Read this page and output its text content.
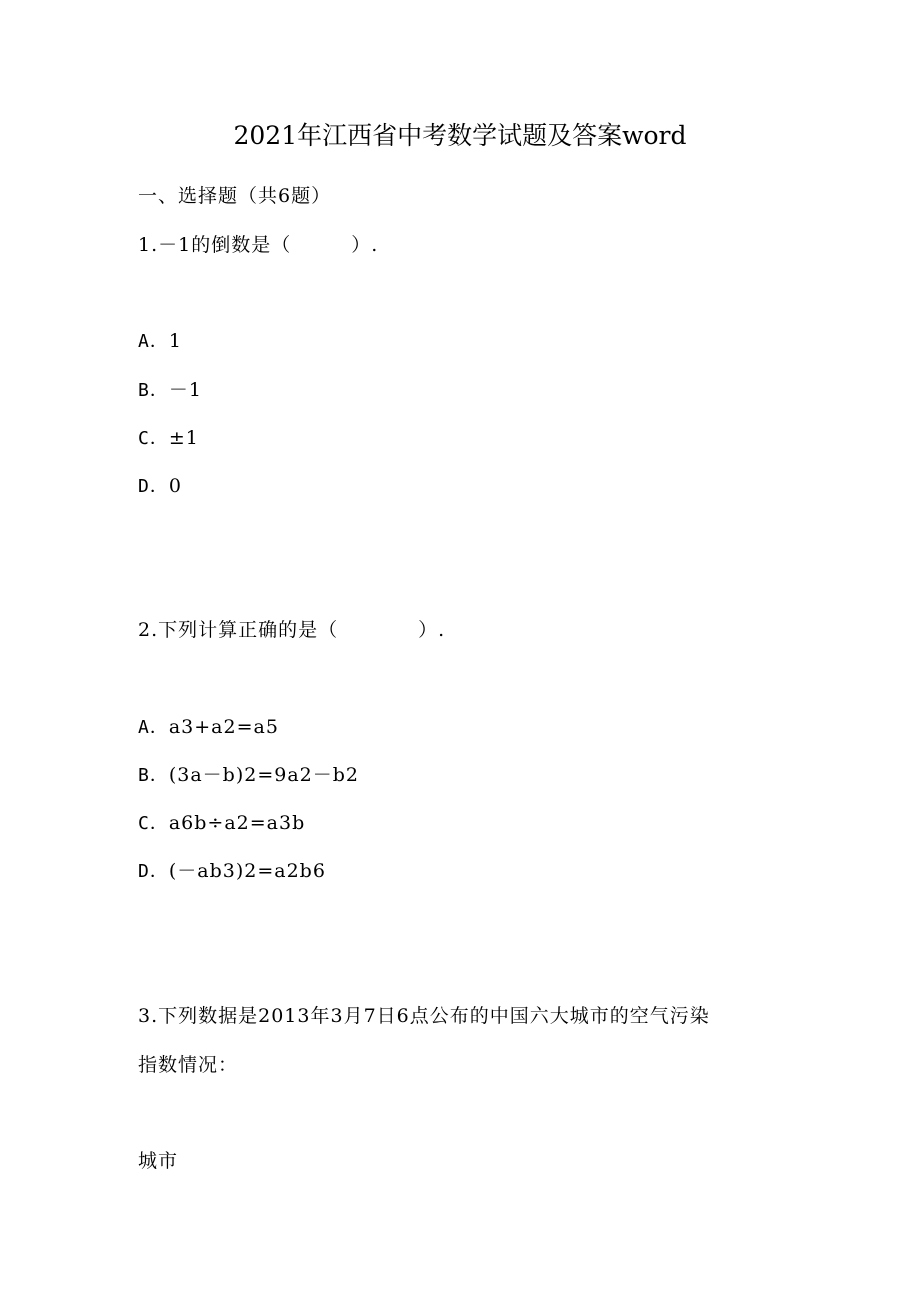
2021年江西省中考数学试题及答案word
一、选择题（共6题）
1.－1的倒数是（　　　）.
A．1
B．－1
C．±1
D．0
2.下列计算正确的是（　　　　）.
A．a3+a2=a5
B．(3a－b)2=9a2－b2
C．a6b÷a2=a3b
D．(－ab3)2=a2b6
3.下列数据是2013年3月7日6点公布的中国六大城市的空气污染
指数情况：
城市
